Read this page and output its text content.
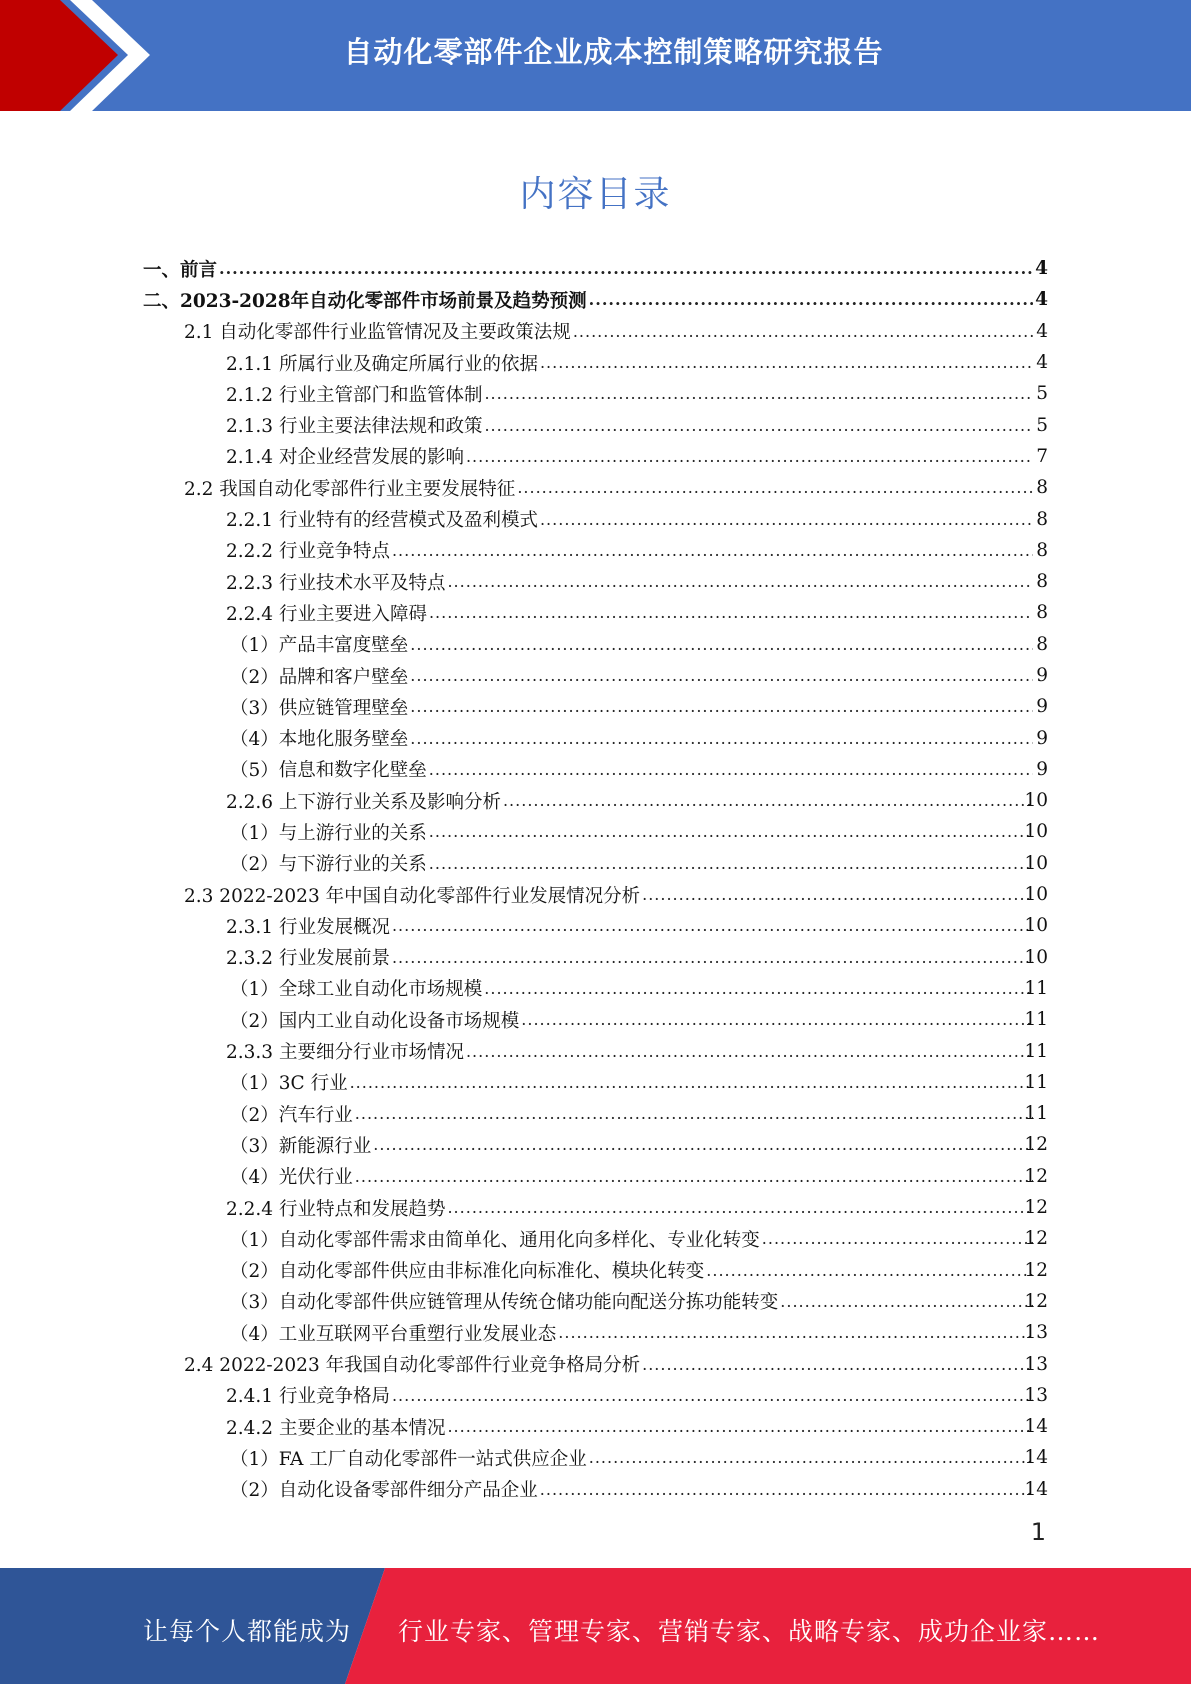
自动化零部件企业成本控制策略研究报告
内容目录
一、前言 .....	4
二、2023-2028年自动化零部件市场前景及趋势预测 .....	4
2.1 自动化零部件行业监管情况及主要政策法规 .....	4
2.1.1 所属行业及确定所属行业的依据 .....	4
2.1.2 行业主管部门和监管体制 .....	5
2.1.3 行业主要法律法规和政策 .....	5
2.1.4 对企业经营发展的影响 .....	7
2.2 我国自动化零部件行业主要发展特征 .....	8
2.2.1 行业特有的经营模式及盈利模式 .....	8
2.2.2 行业竞争特点 .....	8
2.2.3 行业技术水平及特点 .....	8
2.2.4 行业主要进入障碍 .....	8
（1）产品丰富度壁垒 .....	8
（2）品牌和客户壁垒 .....	9
（3）供应链管理壁垒 .....	9
（4）本地化服务壁垒 .....	9
（5）信息和数字化壁垒 .....	9
2.2.6 上下游行业关系及影响分析 .....	10
（1）与上游行业的关系 .....	10
（2）与下游行业的关系 .....	10
2.3 2022-2023 年中国自动化零部件行业发展情况分析 .....	10
2.3.1 行业发展概况 .....	10
2.3.2 行业发展前景 .....	10
（1）全球工业自动化市场规模 .....	11
（2）国内工业自动化设备市场规模 .....	11
2.3.3 主要细分行业市场情况 .....	11
（1）3C 行业 .....	11
（2）汽车行业 .....	11
（3）新能源行业 .....	12
（4）光伏行业 .....	12
2.2.4 行业特点和发展趋势 .....	12
（1）自动化零部件需求由简单化、通用化向多样化、专业化转变 .....	12
（2）自动化零部件供应由非标准化向标准化、模块化转变 .....	12
（3）自动化零部件供应链管理从传统仓储功能向配送分拣功能转变 .....	12
（4）工业互联网平台重塑行业发展业态 .....	13
2.4 2022-2023 年我国自动化零部件行业竞争格局分析 .....	13
2.4.1 行业竞争格局 .....	13
2.4.2 主要企业的基本情况 .....	14
（1）FA 工厂自动化零部件一站式供应企业 .....	14
（2）自动化设备零部件细分产品企业 .....	14
1
让每个人都能成为 行业专家、管理专家、营销专家、战略专家、成功企业家……
